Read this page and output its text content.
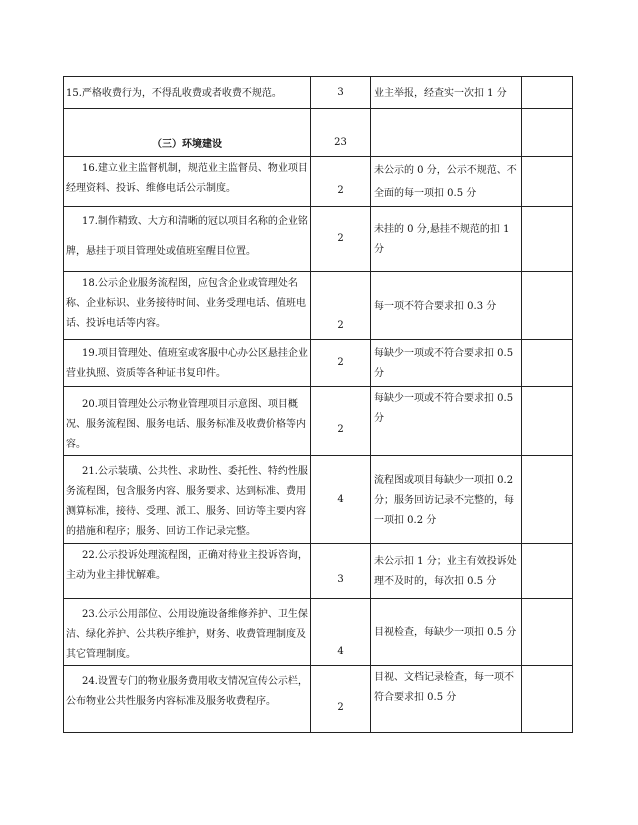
15.严格收费行为，不得乱收费或者收费不规范。	3	业主举报，经查实一次扣 1 分	
（三）环境建设	23		
16.建立业主监督机制，规范业主监督员、物业项目经理资料、投诉、维修电话公示制度。	2	未公示的 0 分，公示不规范、不全面的每一项扣 0.5 分	
17.制作精致、大方和清晰的冠以项目名称的企业铭牌，悬挂于项目管理处或值班室醒目位置。	2	未挂的 0 分,悬挂不规范的扣 1 分	
18.公示企业服务流程图，应包含企业或管理处名称、企业标识、业务接待时间、业务受理电话、值班电话、投诉电话等内容。	2	每一项不符合要求扣 0.3 分	
19.项目管理处、值班室或客服中心办公区悬挂企业营业执照、资质等各种证书复印件。	2	每缺少一项或不符合要求扣 0.5 分	
20.项目管理处公示物业管理项目示意图、项目概况、服务流程图、服务电话、服务标准及收费价格等内容。	2	每缺少一项或不符合要求扣 0.5 分	
21.公示装璜、公共性、求助性、委托性、特约性服务流程图，包含服务内容、服务要求、达到标准、费用测算标准，接待、受理、派工、服务、回访等主要内容的措施和程序；服务、回访工作记录完整。	4	流程图或项目每缺少一项扣 0.2 分；服务回访记录不完整的，每一项扣 0.2 分	
22.公示投诉处理流程图，正确对待业主投诉咨询，主动为业主排忧解难。	3	未公示扣 1 分；业主有效投诉处理不及时的，每次扣 0.5 分	
23.公示公用部位、公用设施设备维修养护、卫生保洁、绿化养护、公共秩序维护，财务、收费管理制度及其它管理制度。	4	目视检查，每缺少一项扣 0.5 分	
24.设置专门的物业服务费用收支情况宣传公示栏，公布物业公共性服务内容标准及服务收费程序。	2	目视、文档记录检查，每一项不符合要求扣 0.5 分	
